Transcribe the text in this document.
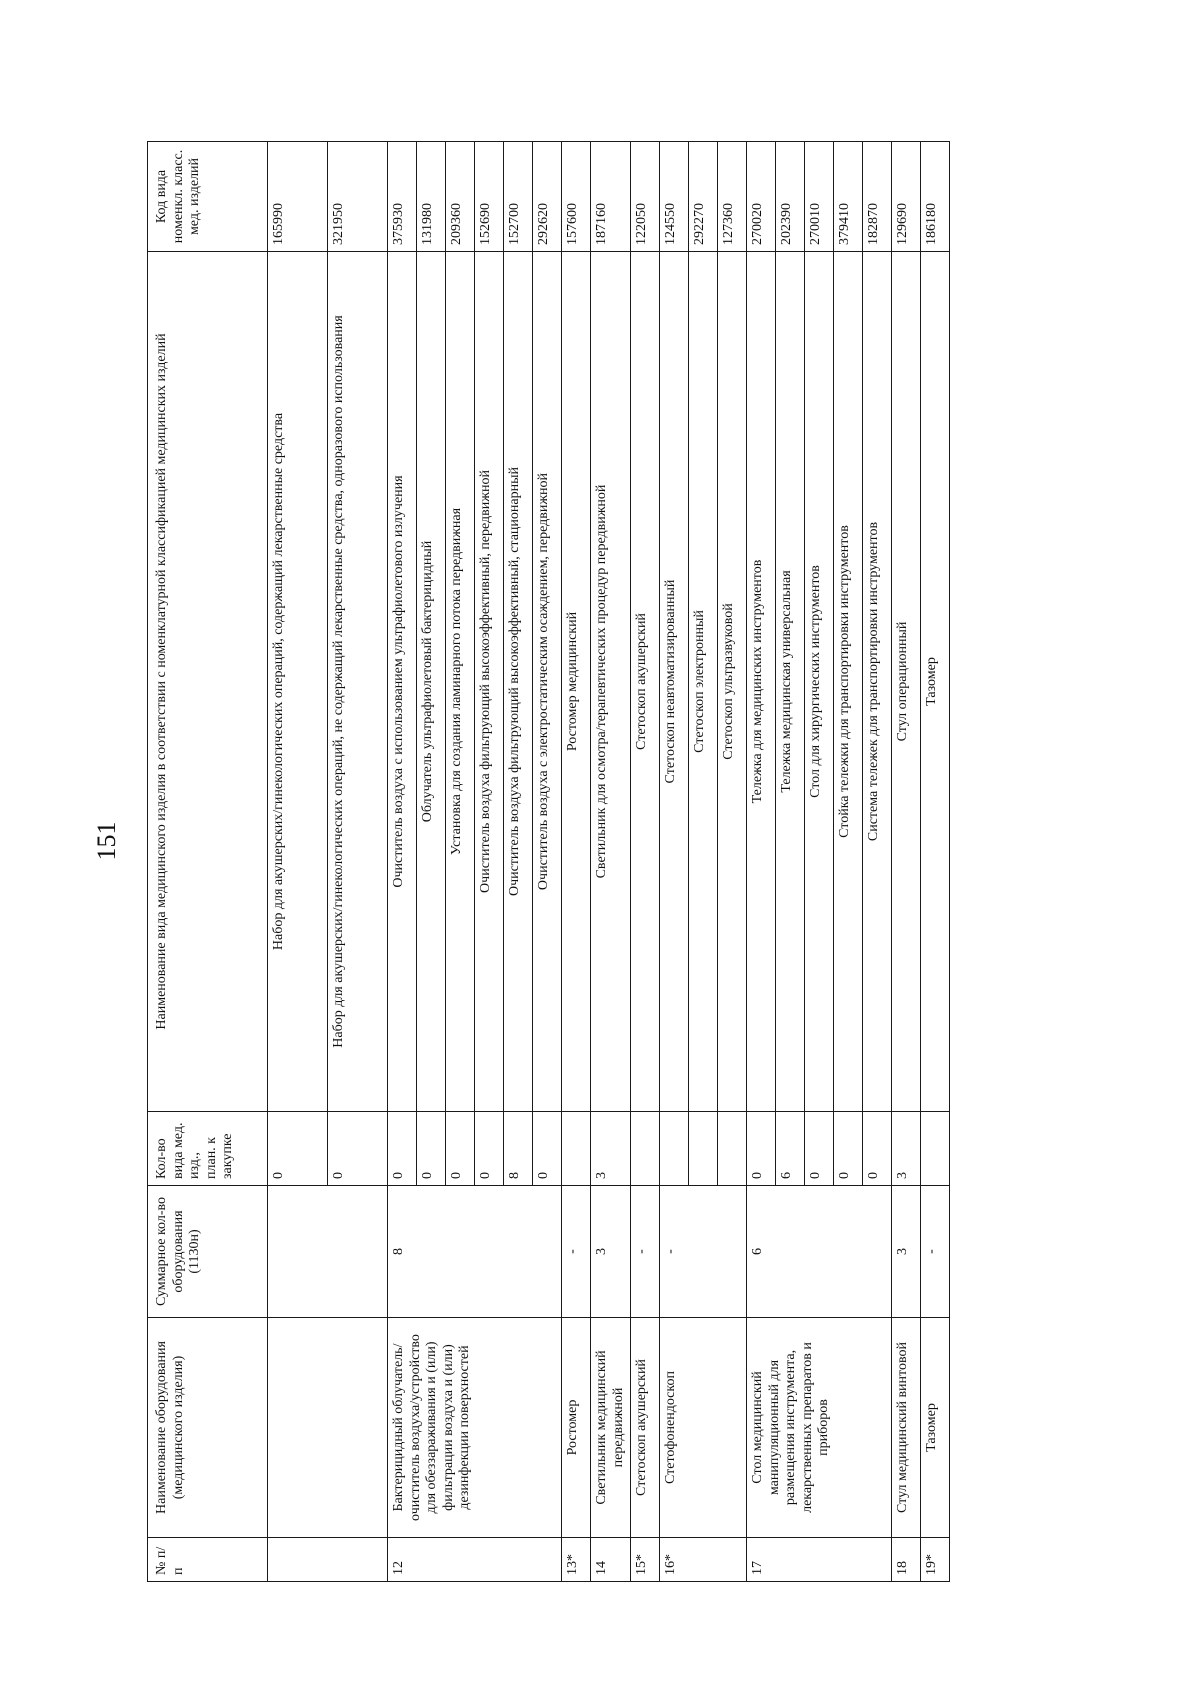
151
№ п/п	Наименование оборудования (медицинского изделия)	Суммарное кол-во оборудования (1130н)	Кол-во вида мед. изд., план. к закупке	Наименование вида медицинского изделия в соответствии с номенклатурной классификацией медицинских изделий	Код вида номенкл. класс. мед. изделий
			0	Набор для акушерских/гинекологических операций, содержащий лекарственные средства	165990
			0	Набор для акушерских/гинекологических операций, не содержащий лекарственные средства, одноразового использования	321950
12	Бактерицидный облучатель/очиститель воздуха/устройство для обеззараживания и (или) фильтрации воздуха и (или) дезинфекции поверхностей	8	0	Очиститель воздуха с использованием ультрафиолетового излучения	375930
			0	Облучатель ультрафиолетовый бактерицидный	131980
			0	Установка для создания ламинарного потока передвижная	209360
			0	Очиститель воздуха фильтрующий высокоэффективный, передвижной	152690
			8	Очиститель воздуха фильтрующий высокоэффективный, стационарный	152700
			0	Очиститель воздуха с электростатическим осаждением, передвижной	292620
13*	Ростомер	-		Ростомер медицинский	157600
14	Светильник медицинский передвижной	3	3	Светильник для осмотра/терапевтических процедур передвижной	187160
15*	Стетоскоп акушерский	-		Стетоскоп акушерский	122050
16*	Стетофонендоскоп	-		Стетоскоп неавтоматизированный	124550
				Стетоскоп электронный	292270
				Стетоскоп ультразвуковой	127360
17	Стол медицинский манипуляционный для размещения инструмента, лекарственных препаратов и приборов	6	0	Тележка для медицинских инструментов	270020
			6	Тележка медицинская универсальная	202390
			0	Стол для хирургических инструментов	270010
			0	Стойка тележки для транспортировки инструментов	379410
			0	Система тележек для транспортировки инструментов	182870
18	Стул медицинский винтовой	3	3	Стул операционный	129690
19*	Тазомер	-		Тазомер	186180
